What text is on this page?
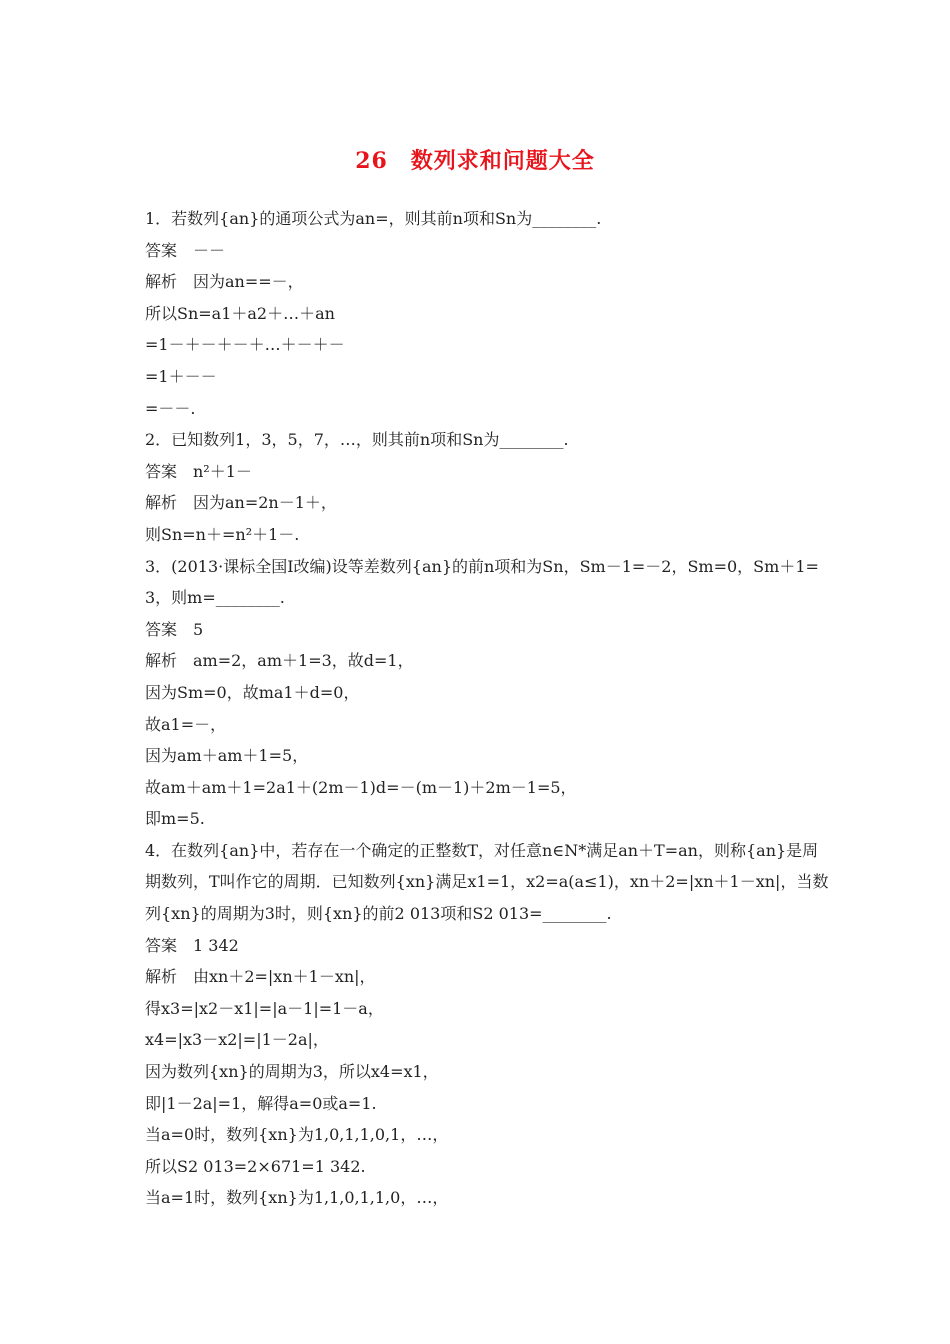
26　数列求和问题大全
1．若数列{an}的通项公式为an=，则其前n项和Sn为________.
答案　－－
解析　因为an==－，
所以Sn=a1＋a2＋…＋an
=1－＋－＋－＋…＋－＋－
=1＋－－
=－－.
2．已知数列1，3，5，7，…，则其前n项和Sn为________.
答案　n²＋1－
解析　因为an=2n－1＋，
则Sn=n＋=n²＋1－.
3．(2013·课标全国Ⅰ改编)设等差数列{an}的前n项和为Sn，Sm－1=－2，Sm=0，Sm＋1=
3，则m=________.
答案　5
解析　am=2，am＋1=3，故d=1，
因为Sm=0，故ma1＋d=0，
故a1=－，
因为am＋am＋1=5，
故am＋am＋1=2a1＋(2m－1)d=－(m－1)＋2m－1=5，
即m=5.
4．在数列{an}中，若存在一个确定的正整数T，对任意n∈N*满足an＋T=an，则称{an}是周
期数列，T叫作它的周期．已知数列{xn}满足x1=1，x2=a(a≤1)，xn＋2=|xn＋1－xn|，当数
列{xn}的周期为3时，则{xn}的前2 013项和S2 013=________.
答案　1 342
解析　由xn＋2=|xn＋1－xn|，
得x3=|x2－x1|=|a－1|=1－a，
x4=|x3－x2|=|1－2a|，
因为数列{xn}的周期为3，所以x4=x1，
即|1－2a|=1，解得a=0或a=1.
当a=0时，数列{xn}为1,0,1,1,0,1，…，
所以S2 013=2×671=1 342.
当a=1时，数列{xn}为1,1,0,1,1,0，…，
